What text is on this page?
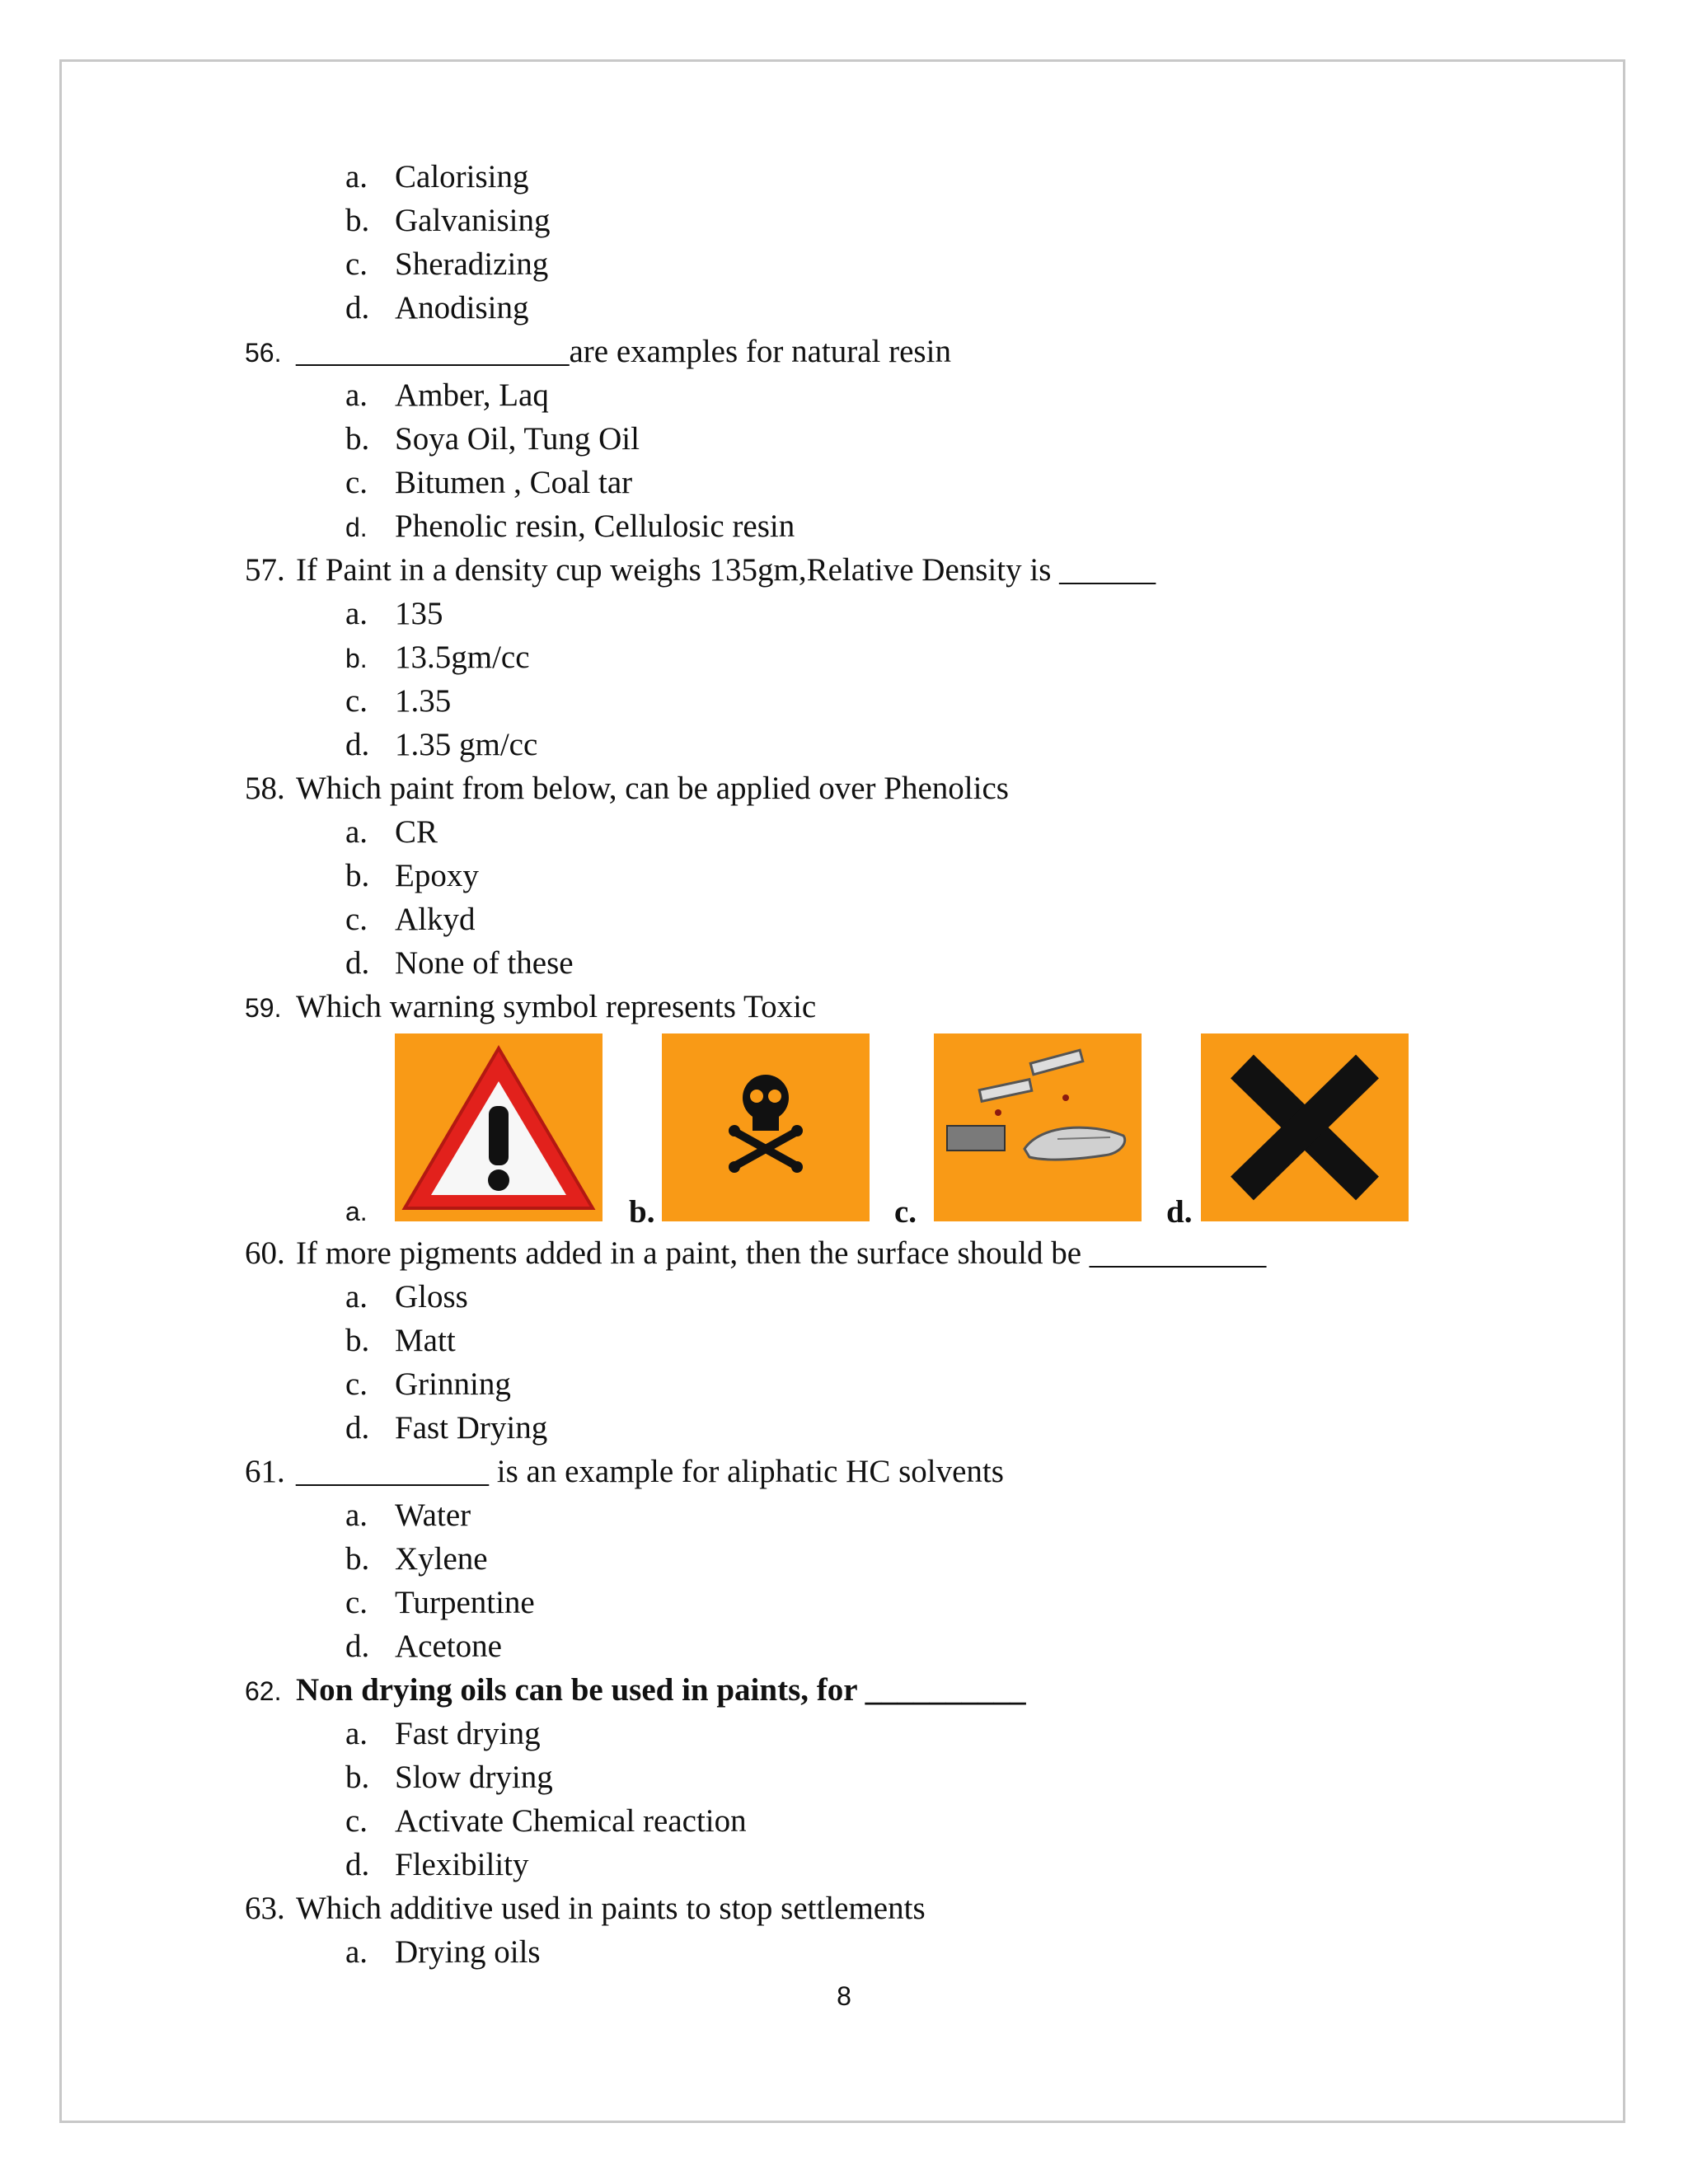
a. Calorising
b. Galvanising
c. Sheradizing
d. Anodising
56. _________________are examples for natural resin
a. Amber, Laq
b. Soya Oil, Tung Oil
c. Bitumen , Coal tar
d. Phenolic resin, Cellulosic resin
57. If Paint in a density cup weighs 135gm,Relative Density is ______
a. 135
b. 13.5gm/cc
c. 1.35
d. 1.35 gm/cc
58. Which paint from below, can be applied over Phenolics
a. CR
b. Epoxy
c. Alkyd
d. None of these
59. Which warning symbol represents Toxic
a.	b.	c.	d.
60. If more pigments added in a paint, then the surface should be ___________
a. Gloss
b. Matt
c. Grinning
d. Fast Drying
61. ____________ is an example for aliphatic HC solvents
a. Water
b. Xylene
c. Turpentine
d. Acetone
62. Non drying oils can be used in paints, for __________
a. Fast drying
b. Slow drying
c. Activate Chemical reaction
d. Flexibility
63. Which additive used in paints to stop settlements
a. Drying oils
8
